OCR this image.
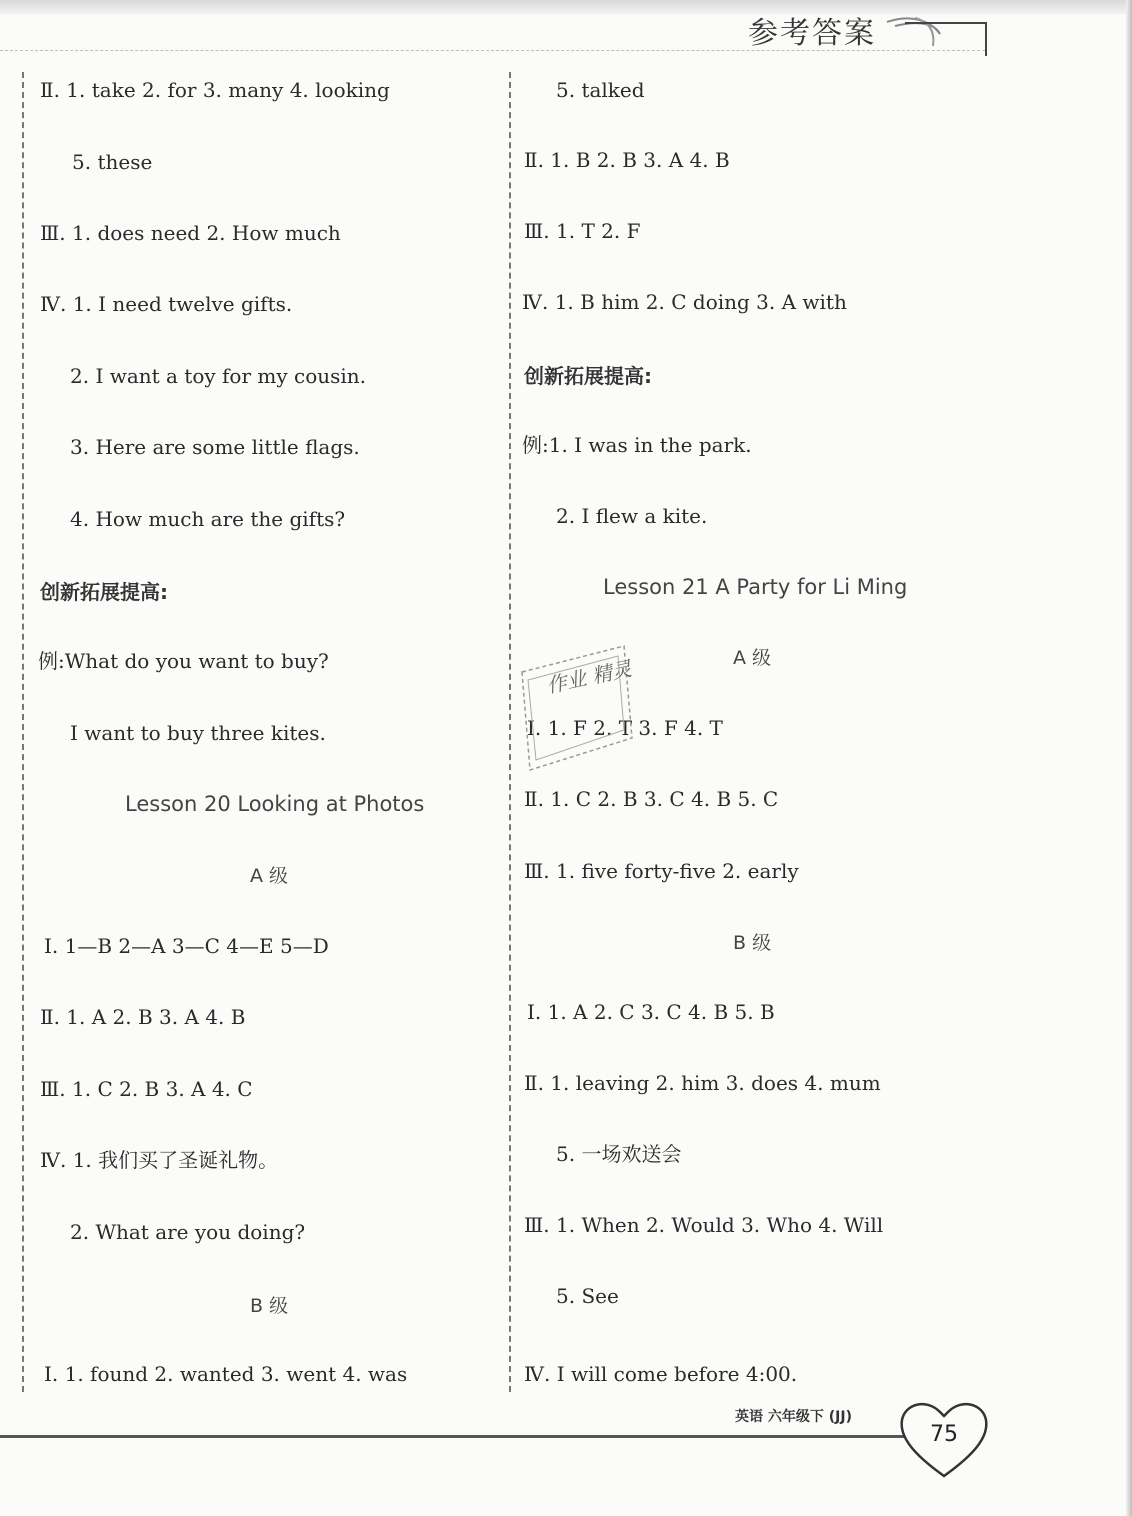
参考答案
Ⅱ. 1. take 2. for 3. many 4. looking
5. these
Ⅲ. 1. does need 2. How much
Ⅳ. 1. I need twelve gifts.
2. I want a toy for my cousin.
3. Here are some little flags.
4. How much are the gifts?
例:What do you want to buy?
I want to buy three kites.
Ⅰ. 1—B 2—A 3—C 4—E 5—D
Ⅱ. 1. A 2. B 3. A 4. B
Ⅲ. 1. C 2. B 3. A 4. C
Ⅳ. 1. 我们买了圣诞礼物。
2. What are you doing?
Ⅰ. 1. found 2. wanted 3. went 4. was
创新拓展提高:
Lesson 20 Looking at Photos
A 级
B 级
5. talked
Ⅱ. 1. B 2. B 3. A 4. B
Ⅲ. 1. T 2. F
Ⅳ. 1. B him 2. C doing 3. A with
例:1. I was in the park.
2. I flew a kite.
Ⅰ. 1. F 2. T 3. F 4. T
Ⅱ. 1. C 2. B 3. C 4. B 5. C
Ⅲ. 1. five forty-five 2. early
Ⅰ. 1. A 2. C 3. C 4. B 5. B
Ⅱ. 1. leaving 2. him 3. does 4. mum
5. 一场欢送会
Ⅲ. 1. When 2. Would 3. Who 4. Will
5. See
Ⅳ. I will come before 4:00.
创新拓展提高:
Lesson 21 A Party for Li Ming
A 级
B 级
作业 精灵
英语 六年级下 (JJ)
75
